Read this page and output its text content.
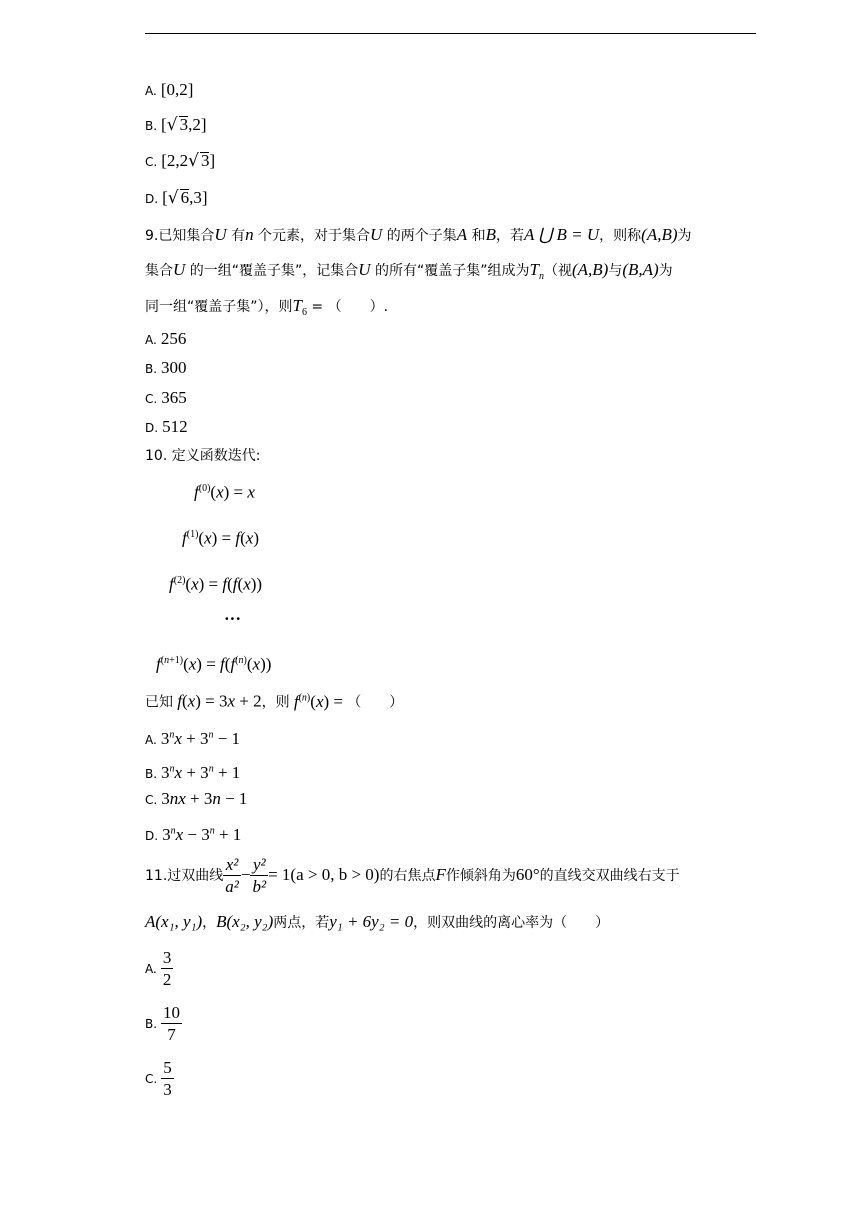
A. [0,2]
B. [√ 3,2]
C. [2,2√ 3]
D. [√ 6,3]
9.已知集合U 有n 个元素，对于集合U 的两个子集A 和B，若A ⋃ B = U，则称(A,B)为
集合U 的一组“覆盖子集”，记集合U 的所有“覆盖子集”组成为$T_n$（视(A,B)与(B,A)为
同一组“覆盖子集”），则$T_6$ = （　　）.
A. 256
B. 300
C. 365
D. 512
10. 定义函数迭代:
$f^{(0)}(x) = x$
$f^{(1)}(x) = f(x)$
$f^{(2)}(x) = f(f(x))$
···
$f^{(n+1)}(x) = f(f^{(n)}(x))$
已知 f(x) = 3x + 2，则 $f^{(n)}(x)$ = （　　）
A. $3^nx + 3^n - 1$
B. $3^nx + 3^n + 1$
C. 3nx + 3n − 1
D. $3^nx - 3^n + 1$
11.过双曲线 $\frac{\text{x²}}{\text{a²}} - \frac{\text{y²}}{\text{b²}} = 1(a > 0$, b > 0)的右焦点F作倾斜角为60°的直线交双曲线右支于
A(x₁, y₁)，B(x₂, y₂)两点，若y₁ + 6y₂ = 0，则双曲线的离心率为（　　）
A. $\frac{3}{2}$
B. $\frac{10}{7}$
C. $\frac{5}{3}$
